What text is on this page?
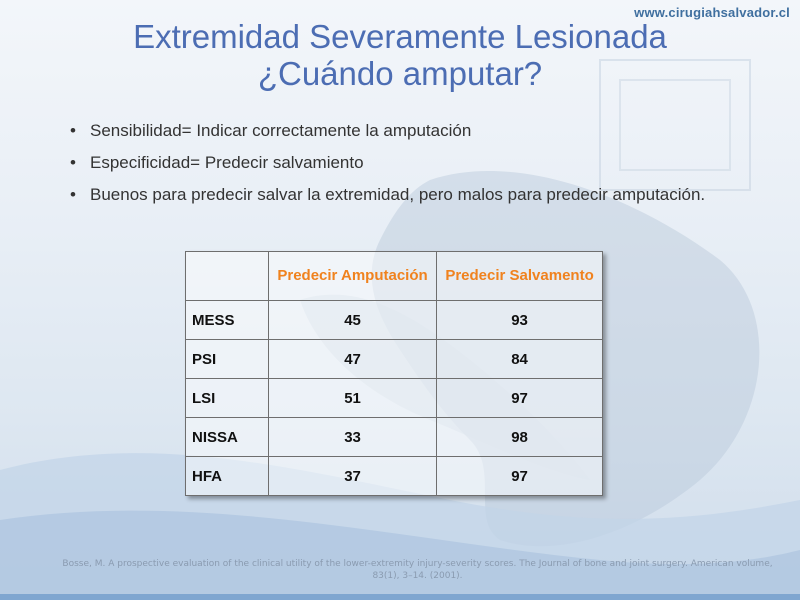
www.cirugiahsalvador.cl
Extremidad Severamente Lesionada
¿Cuándo amputar?
• Sensibilidad= Indicar correctamente la amputación
• Especificidad= Predecir salvamiento
• Buenos para predecir salvar la extremidad, pero malos para predecir amputación.
	Predecir Amputación	Predecir Salvamento
MESS	45	93
PSI	47	84
LSI	51	97
NISSA	33	98
HFA	37	97
Bosse, M. A prospective evaluation of the clinical utility of the lower-extremity injury-severity scores. The Journal of bone and joint surgery. American volume, 83(1), 3–14. (2001).
